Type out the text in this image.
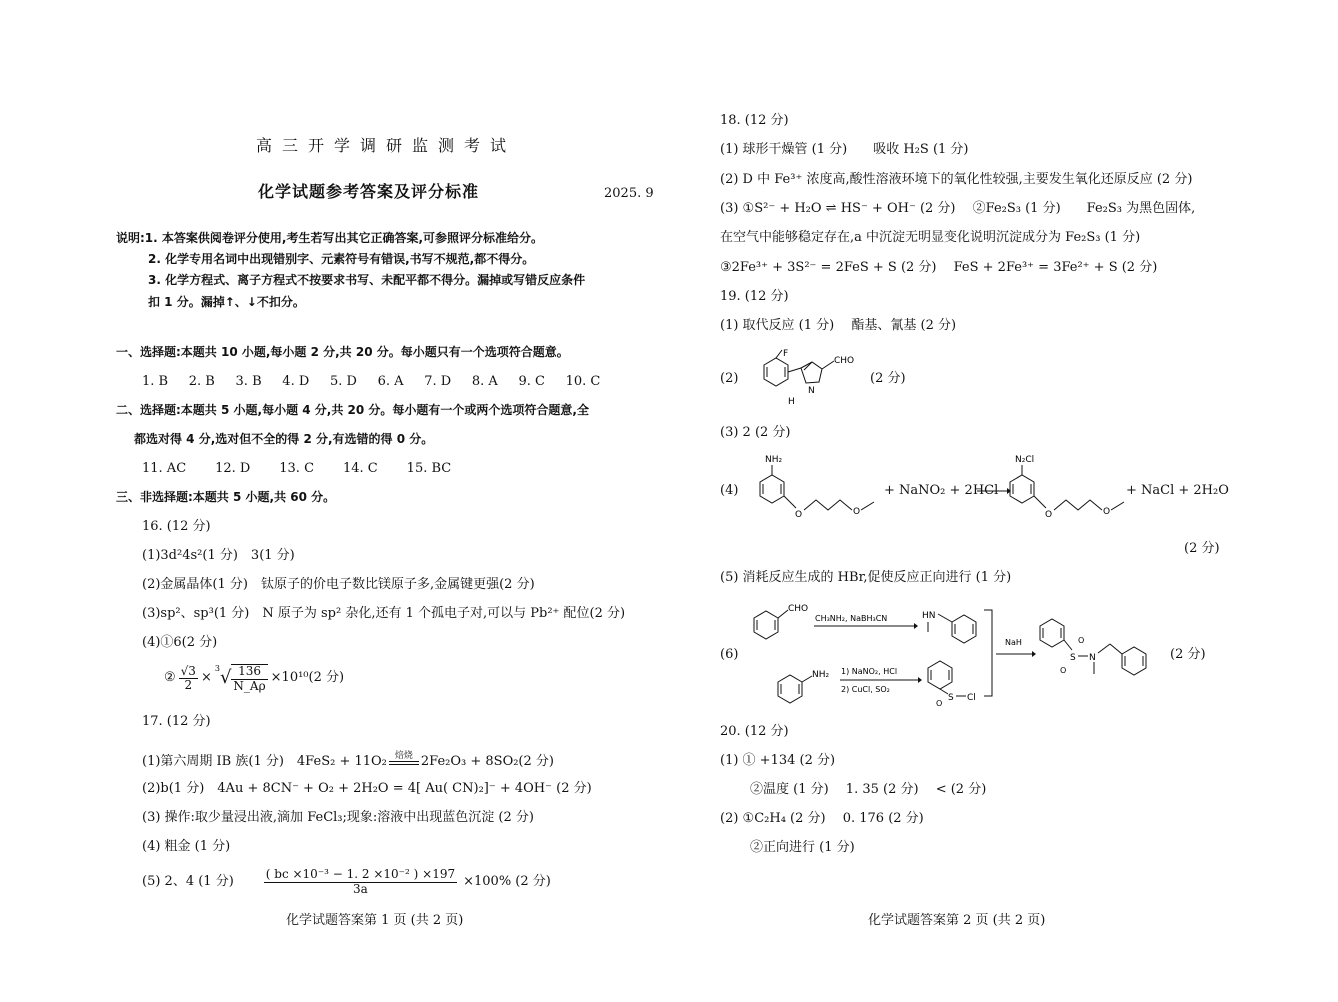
高三开学调研监测考试
化学试题参考答案及评分标准	2025. 9
说明:1. 本答案供阅卷评分使用,考生若写出其它正确答案,可参照评分标准给分。
2. 化学专用名词中出现错别字、元素符号有错误,书写不规范,都不得分。
3. 化学方程式、离子方程式不按要求书写、未配平都不得分。漏掉或写错反应条件
扣 1 分。漏掉↑、↓不扣分。
一、选择题:本题共 10 小题,每小题 2 分,共 20 分。每小题只有一个选项符合题意。
1. B 2. B 3. B 4. D 5. D 6. A 7. D 8. A 9. C 10. C
二、选择题:本题共 5 小题,每小题 4 分,共 20 分。每小题有一个或两个选项符合题意,全
都选对得 4 分,选对但不全的得 2 分,有选错的得 0 分。
11. AC 12. D 13. C 14. C 15. BC
三、非选择题:本题共 5 小题,共 60 分。
16. (12 分)
(1)3d²4s²(1 分)　3(1 分)
(2)金属晶体(1 分)　钛原子的价电子数比镁原子多,金属键更强(2 分)
(3)sp²、sp³(1 分)　N 原子为 sp² 杂化,还有 1 个孤电子对,可以与 Pb²⁺ 配位(2 分)
(4)①6(2 分)
② $\frac{√3}{2}$ ×
3 √ $\frac{136}{N\_A\rho} \times 10^{10}(2$ 分)
17. (12 分)
(1)第六周期 IB 族(1 分)　4FeS₂ + 11O₂ 焙烧 2Fe₂O₃ + 8SO₂(2 分)
(2)b(1 分)　4Au + 8CN⁻ + O₂ + 2H₂O = 4[ Au( CN)₂]⁻ + 4OH⁻ (2 分)
(3) 操作:取少量浸出液,滴加 FeCl₃;现象:溶液中出现蓝色沉淀 (2 分)
(4) 粗金 (1 分)
(5) 2、4 (1 分)	$\frac{\text{( bc ×10⁻³ − 1. 2 ×10⁻² ) ×197}}{3a} \times 100\%$ (2 分)
化学试题答案第 1 页 (共 2 页)
18. (12 分)
(1) 球形干燥管 (1 分)　　吸收 H₂S (1 分)
(2) D 中 Fe³⁺ 浓度高,酸性溶液环境下的氧化性较强,主要发生氧化还原反应 (2 分)
(3) ①S²⁻ + H₂O ⇌ HS⁻ + OH⁻ (2 分)　 ②Fe₂S₃ (1 分)　　Fe₂S₃ 为黑色固体,
在空气中能够稳定存在,a 中沉淀无明显变化说明沉淀成分为 Fe₂S₃ (1 分)
③2Fe³⁺ + 3S²⁻ = 2FeS + S (2 分)　 FeS + 2Fe³⁺ = 3Fe²⁺ + S (2 分)
19. (12 分)
(1) 取代反应 (1 分)　 酯基、氰基 (2 分)
(2)
F
CHO
N
H
(2 分)
(3) 2 (2 分)
(4)
NH₂
O	O
+ NaNO₂ + 2HCl
N₂Cl
O	O
+ NaCl + 2H₂O
(2 分)
(5) 消耗反应生成的 HBr,促使反应正向进行 (1 分)
(6)
CHO
CH₃NH₂, NaBH₃CN	HN
NaH
S
O
O
N
NH₂ 1) NaNO₂, HCl
2) CuCl, SO₂
S
O
Cl
(2 分)
20. (12 分)
(1) ① +134 (2 分)
②温度 (1 分)　 1. 35 (2 分)　 < (2 分)
(2) ①C₂H₄ (2 分)　 0. 176 (2 分)
②正向进行 (1 分)
化学试题答案第 2 页 (共 2 页)
